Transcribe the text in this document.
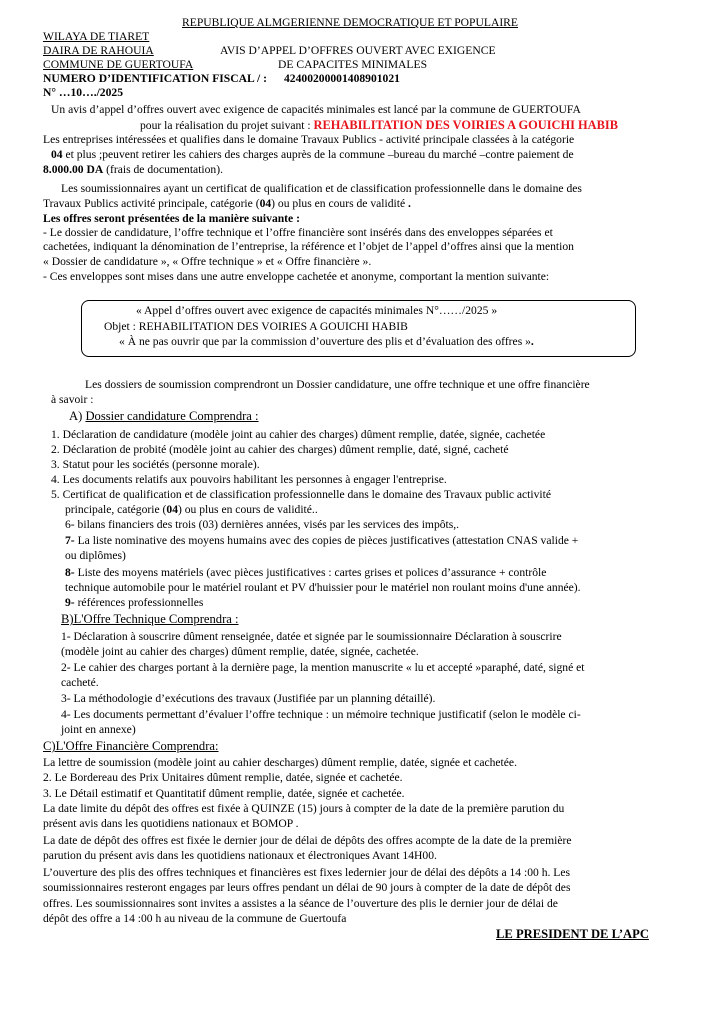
REPUBLIQUE ALMGERIENNE DEMOCRATIQUE ET POPULAIRE
WILAYA DE TIARET
DAIRA DE RAHOUIA	AVIS D’APPEL D’OFFRES OUVERT AVEC EXIGENCE
COMMUNE DE GUERTOUFA	DE CAPACITES MINIMALES
NUMERO D’IDENTIFICATION FISCAL / : 4240020000140890102​1
N° …10…./2025
Un avis d’appel d’offres ouvert avec exigence de capacités minimales est lancé par la commune de GUERTOUFA
pour la réalisation du projet suivant : REHABILITATION DES VOIRIES A GOUICHI HABIB
Les entreprises intéressées et qualifies dans le domaine Travaux Publics - activité principale classées à la catégorie
04 et plus ;peuvent retirer les cahiers des charges auprès de la commune –bureau du marché –contre paiement de
8.000.00 DA (frais de documentation).
Les soumissionnaires ayant un certificat de qualification et de classification professionnelle dans le domaine des
Travaux Publics activité principale, catégorie (04) ou plus en cours de validité .
Les offres seront présentées de la manière suivante :
- Le dossier de candidature, l’offre technique et l’offre financière sont insérés dans des enveloppes séparées et
cachetées, indiquant la dénomination de l’entreprise, la référence et l’objet de l’appel d’offres ainsi que la mention
« Dossier de candidature », « Offre technique » et « Offre financière ».
- Ces enveloppes sont mises dans une autre enveloppe cachetée et anonyme, comportant la mention suivante:
« Appel d’offres ouvert avec exigence de capacités minimales N°……/2025 »
Objet : REHABILITATION DES VOIRIES A GOUICHI HABIB
« À ne pas ouvrir que par la commission d’ouverture des plis et d’évaluation des offres ».
Les dossiers de soumission comprendront un Dossier candidature, une offre technique et une offre financière
à savoir :
A) Dossier candidature Comprendra :
1. Déclaration de candidature (modèle joint au cahier des charges) dûment remplie, datée, signée, cachetée
2. Déclaration de probité (modèle joint au cahier des charges) dûment remplie, daté, signé, cacheté
3. Statut pour les sociétés (personne morale).
4. Les documents relatifs aux pouvoirs habilitant les personnes à engager l'entreprise.
5. Certificat de qualification et de classification professionnelle dans le domaine des Travaux public activité
principale, catégorie (04) ou plus en cours de validité..
6- bilans financiers des trois (03) dernières années, visés par les services des impôts,.
7- La liste nominative des moyens humains avec des copies de pièces justificatives (attestation CNAS valide +
ou diplômes)
8- Liste des moyens matériels (avec pièces justificatives : cartes grises et polices d’assurance + contrôle
technique automobile pour le matériel roulant et PV d'huissier pour le matériel non roulant moins d'une année).
9- références professionnelles
B)L'Offre Technique Comprendra :
1- Déclaration à souscrire dûment renseignée, datée et signée par le soumissionnaire Déclaration à souscrire
(modèle joint au cahier des charges) dûment remplie, datée, signée, cachetée.
2- Le cahier des charges portant à la dernière page, la mention manuscrite « lu et accepté »paraphé, daté, signé et
cacheté.
3- La méthodologie d’exécutions des travaux (Justifiée par un planning détaillé).
4- Les documents permettant d’évaluer l’offre technique : un mémoire technique justificatif (selon le modèle ci-
joint en annexe)
C)L'Offre Financière Comprendra:
La lettre de soumission (modèle joint au cahier descharges) dûment remplie, datée, signée et cachetée.
2. Le Bordereau des Prix Unitaires dûment remplie, datée, signée et cachetée.
3. Le Détail estimatif et Quantitatif dûment remplie, datée, signée et cachetée.
La date limite du dépôt des offres est fixée à QUINZE (15) jours à compter de la date de la première parution du
présent avis dans les quotidiens nationaux et BOMOP .
La date de dépôt des offres est fixée le dernier jour de délai de dépôts des offres acompte de la date de la première
parution du présent avis dans les quotidiens nationaux et électroniques Avant 14H00.
L’ouverture des plis des offres techniques et financières est fixes ledernier jour de délai des dépôts a 14 :00 h. Les
soumissionnaires resteront engages par leurs offres pendant un délai de 90 jours à compter de la date de dépôt des
offres. Les soumissionnaires sont invites a assistes a la séance de l’ouverture des plis le dernier jour de délai de
dépôt des offre a 14 :00 h au niveau de la commune de Guertoufa
LE PRESIDENT DE L’APC
